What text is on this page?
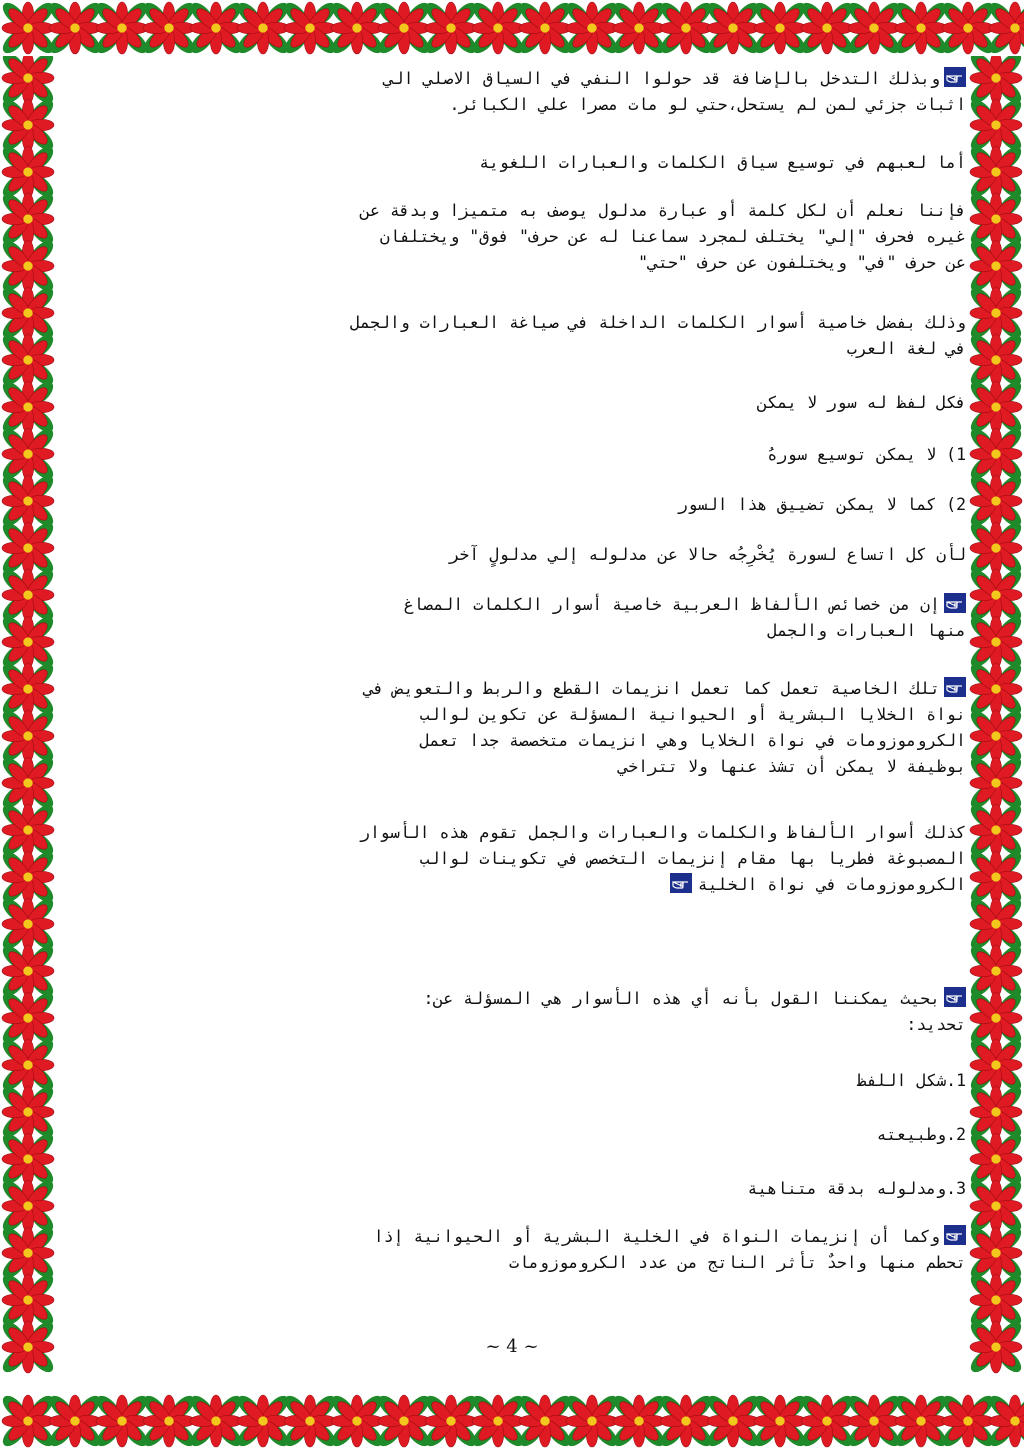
وبذلك التدخل بالإضافة قد حولوا النفي في السياق الاصلي الي
اثبات جزئي لمن لم يستحل،حتي لو مات مصرا علي الكبائر.
أما لعبهم في توسيع سياق الكلمات والعبارات اللغوية
فإننا نعلم أن لكل كلمة أو عبارة مدلول يوصف به متميزا وبدقة عن
غيره فحرف "إلي" يختلف لمجرد سماعنا له عن حرف" فوق" ويختلفان
عن حرف "في" ويختلفون عن حرف "حتي"
وذلك بفضل خاصية أسوار الكلمات الداخلة في صياغة العبارات والجمل
في لغة العرب
فكل لفظ له سور لا يمكن
1) لا يمكن توسيع سورهُ
2) كما لا يمكن تضييق هذا السور
لأن كل اتساع لسورة يُخْرِجُه حالا عن مدلوله إلي مدلولٍ آخر
إن من خصائص الألفاظ العربية خاصية أسوار الكلمات المصاغ
منها العبارات والجمل
تلك الخاصية تعمل كما تعمل انزيمات القطع والربط والتعويض في
نواة الخلايا البشرية أو الحيوانية المسؤلة عن تكوين لوالب
الكروموزومات في نواة الخلايا وهي انزيمات متخصصة جدا تعمل
بوظيفة لا يمكن أن تشذ عنها ولا تتراخي
كذلك أسوار الألفاظ والكلمات والعبارات والجمل تقوم هذه الأسوار
المصبوغة فطريا بها مقام إنزيمات التخصص في تكوينات لوالب
الكروموزومات في نواة الخلية
بحيث يمكننا القول بأنه أي هذه الأسوار هي المسؤلة عن:
تحديد:
1.شكل اللفظ
2.وطبيعته
3.ومدلوله بدقة متناهية
وكما أن إنزيمات النواة في الخلية البشرية أو الحيوانية إذا
تحطم منها واحدٌ تأثر الناتج من عدد الكروموزومات
~ 4 ~
